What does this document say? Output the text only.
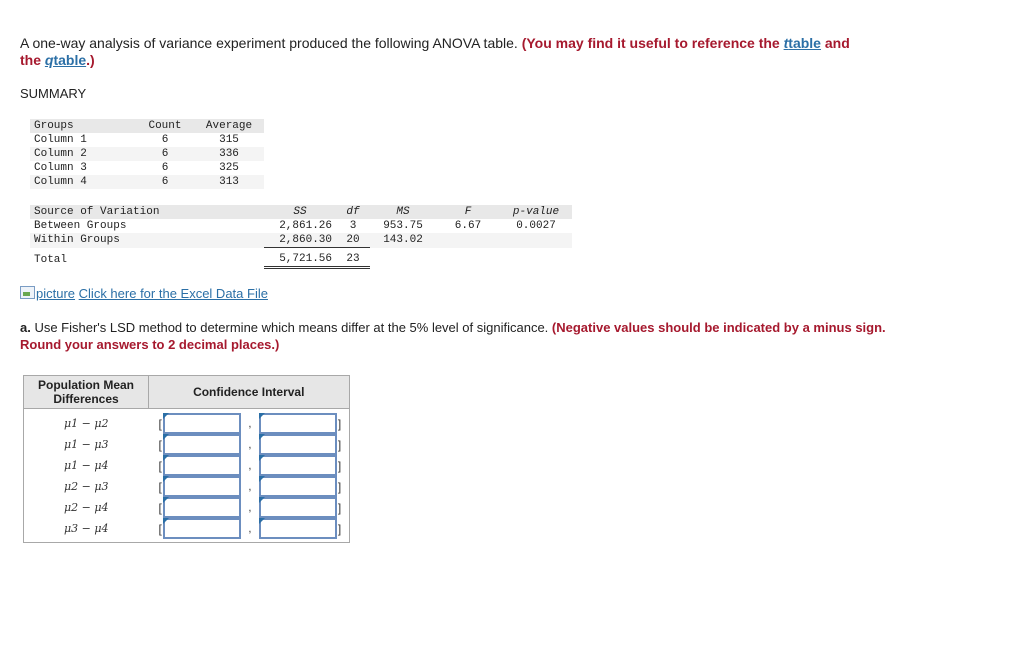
A one-way analysis of variance experiment produced the following ANOVA table. (You may find it useful to reference the ttable and
the qtable.)
SUMMARY
Groups	Count	Average
Column 1	6	315
Column 2	6	336
Column 3	6	325
Column 4	6	313
Source of Variation	SS	df	MS	F	p-value
Between Groups	2,861.26	3	953.75	6.67	0.0027
Within Groups	2,860.30	20	143.02		
Total	5,721.56	23			
picture Click here for the Excel Data File
a. Use Fisher's LSD method to determine which means differ at the 5% level of significance. (Negative values should be indicated by a minus sign. Round your answers to 2 decimal places.)
Population Mean Differences	Confidence Interval
μ1 − μ2	[ , ]

μ1 − μ3	[ , ]

μ1 − μ4	[ , ]

μ2 − μ3	[ , ]

μ2 − μ4	[ , ]

μ3 − μ4	[ , ]
